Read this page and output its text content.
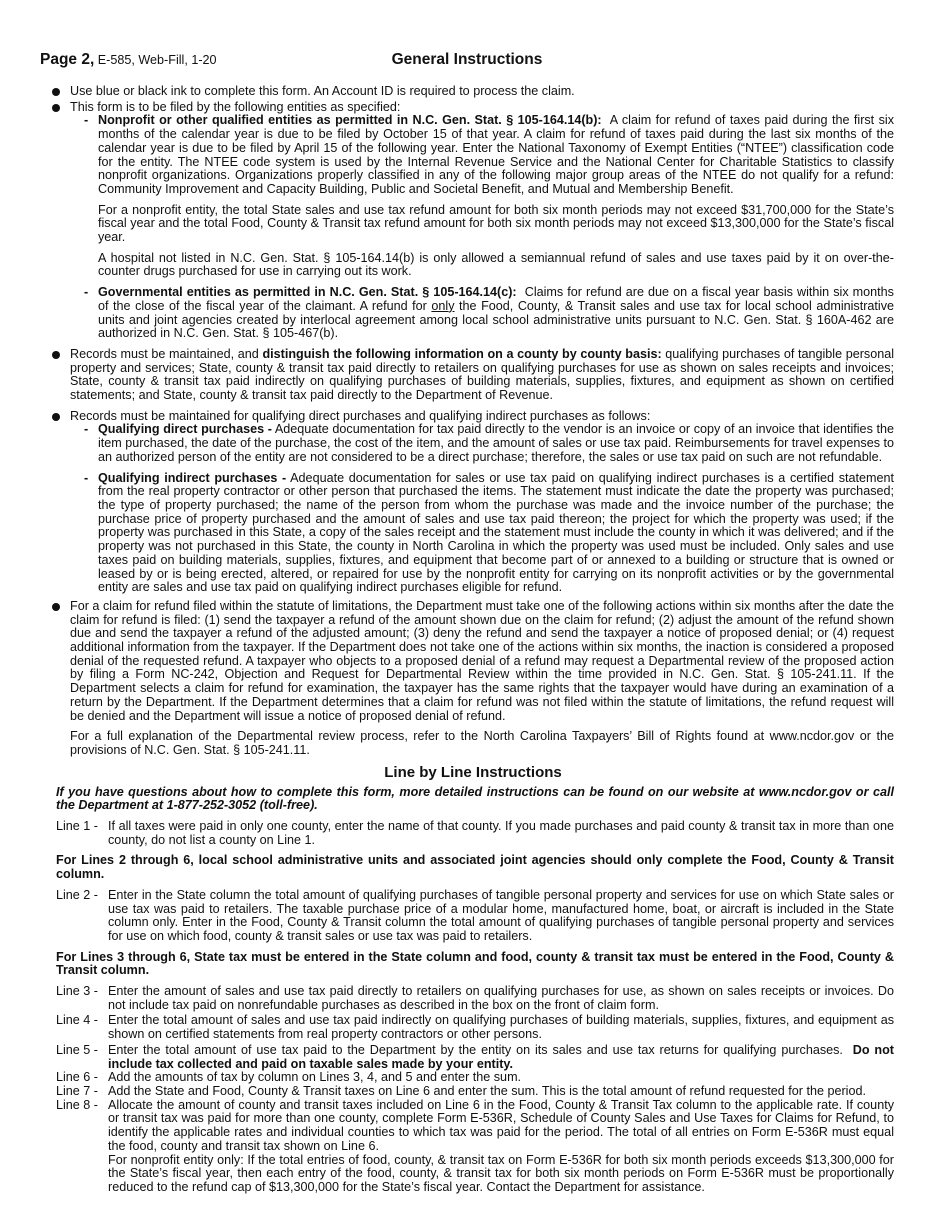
Page 2, E-585, Web-Fill, 1-20	General Instructions

Use blue or black ink to complete this form. An Account ID is required to process the claim.

This form is to be filed by the following entities as specified:

- Nonprofit or other qualified entities as permitted in N.C. Gen. Stat. § 105-164.14(b): A claim for refund of taxes paid during the first six months of the calendar year is due to be filed by October 15 of that year. A claim for refund of taxes paid during the last six months of the calendar year is due to be filed by April 15 of the following year. Enter the National Taxonomy of Exempt Entities (“NTEE”) classification code for the entity. The NTEE code system is used by the Internal Revenue Service and the National Center for Charitable Statistics to classify nonprofit organizations. Organizations properly classified in any of the following major group areas of the NTEE do not qualify for a refund: Community Improvement and Capacity Building, Public and Societal Benefit, and Mutual and Membership Benefit.

For a nonprofit entity, the total State sales and use tax refund amount for both six month periods may not exceed $31,700,000 for the State’s fiscal year and the total Food, County & Transit tax refund amount for both six month periods may not exceed $13,300,000 for the State’s fiscal year.

A hospital not listed in N.C. Gen. Stat. § 105-164.14(b) is only allowed a semiannual refund of sales and use taxes paid by it on over-the-counter drugs purchased for use in carrying out its work.

- Governmental entities as permitted in N.C. Gen. Stat. § 105-164.14(c): Claims for refund are due on a fiscal year basis within six months of the close of the fiscal year of the claimant. A refund for only the Food, County, & Transit sales and use tax for local school administrative units and joint agencies created by interlocal agreement among local school administrative units pursuant to N.C. Gen. Stat. § 160A-462 are authorized in N.C. Gen. Stat. § 105-467(b).

Records must be maintained, and distinguish the following information on a county by county basis: qualifying purchases of tangible personal property and services; State, county & transit tax paid directly to retailers on qualifying purchases for use as shown on sales receipts and invoices; State, county & transit tax paid indirectly on qualifying purchases of building materials, supplies, fixtures, and equipment as shown on certified statements; and State, county & transit tax paid directly to the Department of Revenue.

Records must be maintained for qualifying direct purchases and qualifying indirect purchases as follows:

- Qualifying direct purchases - Adequate documentation for tax paid directly to the vendor is an invoice or copy of an invoice that identifies the item purchased, the date of the purchase, the cost of the item, and the amount of sales or use tax paid. Reimbursements for travel expenses to an authorized person of the entity are not considered to be a direct purchase; therefore, the sales or use tax paid on such are not refundable.

- Qualifying indirect purchases - Adequate documentation for sales or use tax paid on qualifying indirect purchases is a certified statement from the real property contractor or other person that purchased the items. The statement must indicate the date the property was purchased; the type of property purchased; the name of the person from whom the purchase was made and the invoice number of the purchase; the purchase price of property purchased and the amount of sales and use tax paid thereon; the project for which the property was used; if the property was purchased in this State, a copy of the sales receipt and the statement must include the county in which it was delivered; and if the property was not purchased in this State, the county in North Carolina in which the property was used must be included. Only sales and use taxes paid on building materials, supplies, fixtures, and equipment that become part of or annexed to a building or structure that is owned or leased by or is being erected, altered, or repaired for use by the nonprofit entity for carrying on its nonprofit activities or by the governmental entity are sales and use tax paid on qualifying indirect purchases eligible for refund.

For a claim for refund filed within the statute of limitations, the Department must take one of the following actions within six months after the date the claim for refund is filed: (1) send the taxpayer a refund of the amount shown due on the claim for refund; (2) adjust the amount of the refund shown due and send the taxpayer a refund of the adjusted amount; (3) deny the refund and send the taxpayer a notice of proposed denial; or (4) request additional information from the taxpayer. If the Department does not take one of the actions within six months, the inaction is considered a proposed denial of the requested refund. A taxpayer who objects to a proposed denial of a refund may request a Departmental review of the proposed action by filing a Form NC-242, Objection and Request for Departmental Review within the time provided in N.C. Gen. Stat. § 105-241.11. If the Department selects a claim for refund for examination, the taxpayer has the same rights that the taxpayer would have during an examination of a return by the Department. If the Department determines that a claim for refund was not filed within the statute of limitations, the refund request will be denied and the Department will issue a notice of proposed denial of refund.

For a full explanation of the Departmental review process, refer to the North Carolina Taxpayers’ Bill of Rights found at www.ncdor.gov or the provisions of N.C. Gen. Stat. § 105-241.11.

Line by Line Instructions

If you have questions about how to complete this form, more detailed instructions can be found on our website at www.ncdor.gov or call the Department at 1-877-252-3052 (toll-free).

Line 1 - If all taxes were paid in only one county, enter the name of that county. If you made purchases and paid county & transit tax in more than one county, do not list a county on Line 1.

For Lines 2 through 6, local school administrative units and associated joint agencies should only complete the Food, County & Transit column.

Line 2 - Enter in the State column the total amount of qualifying purchases of tangible personal property and services for use on which State sales or use tax was paid to retailers. The taxable purchase price of a modular home, manufactured home, boat, or aircraft is included in the State column only. Enter in the Food, County & Transit column the total amount of qualifying purchases of tangible personal property and services for use on which food, county & transit sales or use tax was paid to retailers.

For Lines 3 through 6, State tax must be entered in the State column and food, county & transit tax must be entered in the Food, County & Transit column.

Line 3 - Enter the amount of sales and use tax paid directly to retailers on qualifying purchases for use, as shown on sales receipts or invoices. Do not include tax paid on nonrefundable purchases as described in the box on the front of claim form.

Line 4 - Enter the total amount of sales and use tax paid indirectly on qualifying purchases of building materials, supplies, fixtures, and equipment as shown on certified statements from real property contractors or other persons.

Line 5 - Enter the total amount of use tax paid to the Department by the entity on its sales and use tax returns for qualifying purchases. Do not include tax collected and paid on taxable sales made by your entity.

Line 6 - Add the amounts of tax by column on Lines 3, 4, and 5 and enter the sum.

Line 7 - Add the State and Food, County & Transit taxes on Line 6 and enter the sum. This is the total amount of refund requested for the period.

Line 8 - Allocate the amount of county and transit taxes included on Line 6 in the Food, County & Transit Tax column to the applicable rate. If county or transit tax was paid for more than one county, complete Form E-536R, Schedule of County Sales and Use Taxes for Claims for Refund, to identify the applicable rates and individual counties to which tax was paid for the period. The total of all entries on Form E-536R must equal the food, county and transit tax shown on Line 6.

For nonprofit entity only: If the total entries of food, county, & transit tax on Form E-536R for both six month periods exceeds $13,300,000 for the State’s fiscal year, then each entry of the food, county, & transit tax for both six month periods on Form E-536R must be proportionally reduced to the refund cap of $13,300,000 for the State’s fiscal year. Contact the Department for assistance.
